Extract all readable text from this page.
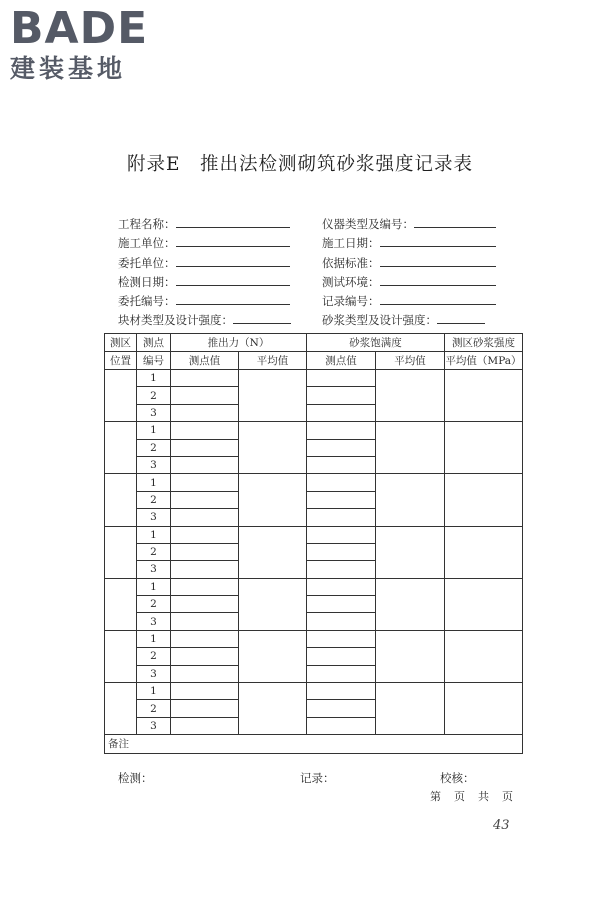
BADE
建装基地
附录E　推出法检测砌筑砂浆强度记录表
工程名称：
施工单位：
委托单位：
检测日期：
委托编号：
块材类型及设计强度：
仪器类型及编号：
施工日期：
依据标准：
测试环境：
记录编号：
砂浆类型及设计强度：
测区	测点	推出力（N）		砂浆饱满度		测区砂浆强度
位置	编号	测点值	平均值	测点值	平均值	平均值（MPa）
	1					
	2					
	3					
	1					
	2					
	3					
	1					
	2					
	3					
	1					
	2					
	3					
	1					
	2					
	3					
	1					
	2					
	3					
	1					
	2					
	3					
备注						
检测：	记录：	校核：
第　页　共　页
43
